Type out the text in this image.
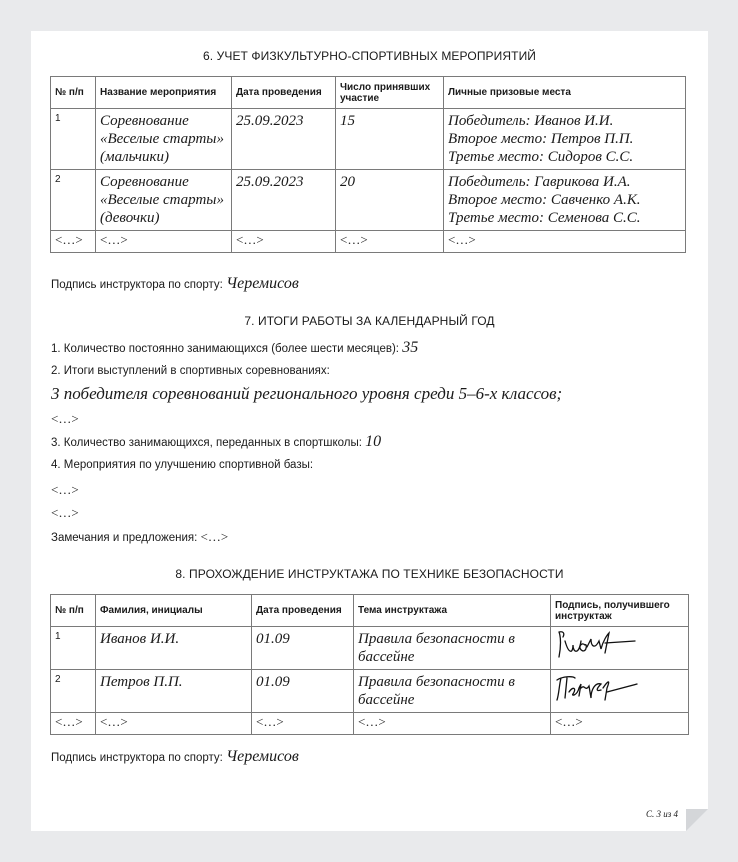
6. УЧЕТ ФИЗКУЛЬТУРНО-СПОРТИВНЫХ МЕРОПРИЯТИЙ
№ п/п	Название мероприятия	Дата проведения	Число принявших участие	Личные призовые места
1	Соревнование «Веселые старты» (мальчики)	25.09.2023	15	Победитель: Иванов И.И.
Второе место: Петров П.П.
Третье место: Сидоров С.С.

2	Соревнование «Веселые старты» (девочки)	25.09.2023	20	Победитель: Гаврикова И.А.
Второе место: Савченко А.К.
Третье место: Семенова С.С.

<…>	<…>	<…>	<…>	<…>
Подпись инструктора по спорту: Черемисов
7. ИТОГИ РАБОТЫ ЗА КАЛЕНДАРНЫЙ ГОД
1. Количество постоянно занимающихся (более шести месяцев): 35
2. Итоги выступлений в спортивных соревнованиях:
3 победителя соревнований регионального уровня среди 5–6-х классов;
<…>
3. Количество занимающихся, переданных в спортшколы: 10
4. Мероприятия по улучшению спортивной базы:
<…>
<…>
Замечания и предложения: <…>
8. ПРОХОЖДЕНИЕ ИНСТРУКТАЖА ПО ТЕХНИКЕ БЕЗОПАСНОСТИ
№ п/п	Фамилия, инициалы	Дата проведения	Тема инструктажа	Подпись, получившего инструктаж
1	Иванов И.И.	01.09	Правила безопасности в бассейне	

2	Петров П.П.	01.09	Правила безопасности в бассейне	

<…>	<…>	<…>	<…>	<…>
Подпись инструктора по спорту: Черемисов
С. 3 из 4
